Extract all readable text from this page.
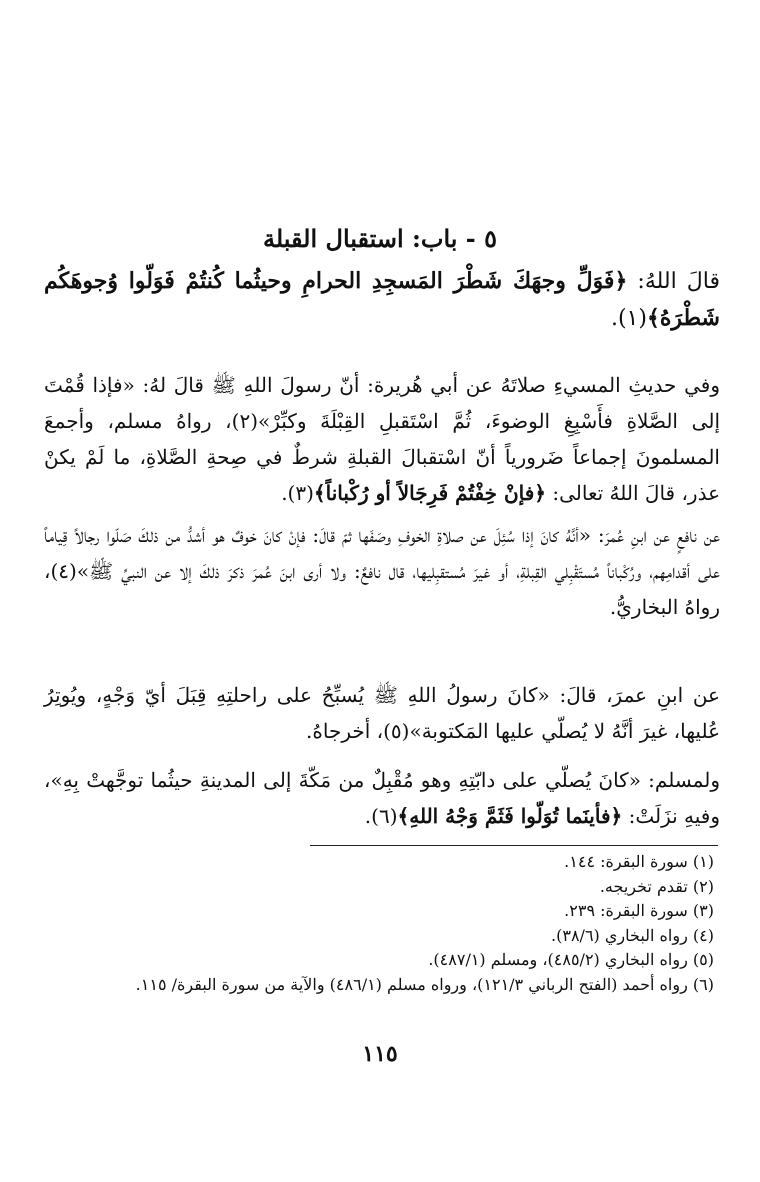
٥ - باب: استقبال القبلة
قالَ اللهُ: ﴿فَوَلِّ وجهَكَ شَطْرَ المَسجِدِ الحرامِ وحيثُما كُنتُمْ فَوَلّوا وُجوهَكُم شَطْرَهُ﴾(١).
وفي حديثِ المسيءِ صلاتَهُ عن أبي هُريرة: أنّ رسولَ اللهِ ﷺ قالَ لهُ: «فإذا قُمْتَ إلى الصَّلاةِ فأَسْبِغِ الوضوءَ، ثُمَّ اسْتَقبلِ القِبْلَةَ وكبِّرْ»(٢)، رواهُ مسلم، وأجمعَ المسلمونَ إجماعاً ضَرورياً أنّ اسْتقبالَ القبلةِ شرطٌ في صِحةِ الصَّلاةِ، ما لَمْ يكنْ عذر، قالَ اللهُ تعالى: ﴿فإنْ خِفْتُمْ فَرِجَالاً أو رُكْباناً﴾(٣).
عن نافعٍ عن ابنِ عُمرَ: «أنَّهُ كانَ إذا سُئِلَ عن صلاةِ الخوفِ وصَفَها ثمّ قالَ: فإنْ كانَ خوفٌ هو أشدُّ من ذلكَ صَلّوا رجالاً قِياماً على أقدامِهم، ورُكْباناً مُستَقْبِلي القِبلةِ، أو غيرَ مُستقبِليها، قال نافعٌ: ولا أرى ابنَ عُمرَ ذكرَ ذلكَ إلا عن النبيِّ ﷺ»(٤)، رواهُ البخاريُّ.
عن ابنِ عمرَ، قالَ: «كانَ رسولُ اللهِ ﷺ يُسبِّحُ على راحلتِهِ قِبَلَ أيّ وَجْهٍ، ويُوتِرُ عُليها، غيرَ أنَّهُ لا يُصلّي عليها المَكتوبة»(٥)، أخرجاهُ.
ولمسلم: «كانَ يُصلّي على دابّتِهِ وهو مُقْبِلٌ من مَكّةَ إلى المدينةِ حيثُما توجَّهتْ بِهِ»، وفيهِ نزَلَتْ: ﴿فأينَما تُوَلّوا فَثَمَّ وَجْهُ اللهِ﴾(٦).
(١) سورة البقرة: ١٤٤.
(٢) تقدم تخريجه.
(٣) سورة البقرة: ٢٣٩.
(٤) رواه البخاري (٣٨/٦).
(٥) رواه البخاري (٤٨٥/٢)، ومسلم (٤٨٧/١).
(٦) رواه أحمد (الفتح الرباني ١٢١/٣)، ورواه مسلم (٤٨٦/١) والآية من سورة البقرة/ ١١٥.
١١٥
